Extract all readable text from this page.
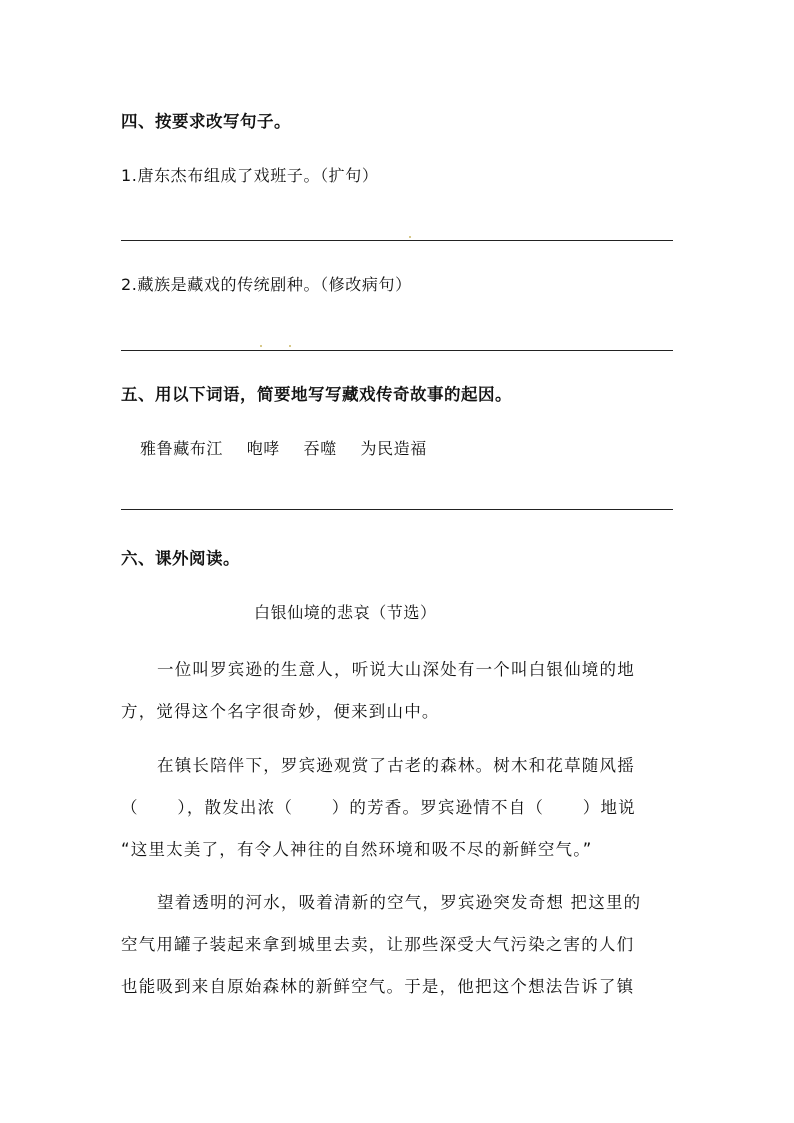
四、按要求改写句子。
1.唐东杰布组成了戏班子。（扩句）
2.藏族是藏戏的传统剧种。（修改病句）
五、用以下词语，简要地写写藏戏传奇故事的起因。
雅鲁藏布江 咆哮 吞噬 为民造福
六、课外阅读。
白银仙境的悲哀（节选）
一位叫罗宾逊的生意人，听说大山深处有一个叫白银仙境的地
方，觉得这个名字很奇妙，便来到山中。
在镇长陪伴下，罗宾逊观赏了古老的森林。树木和花草随风摇
（      ），散发出浓（      ）的芳香。罗宾逊情不自（      ）地说
“这里太美了，有令人神往的自然环境和吸不尽的新鲜空气。”
望着透明的河水，吸着清新的空气，罗宾逊突发奇想 把这里的
空气用罐子装起来拿到城里去卖，让那些深受大气污染之害的人们
也能吸到来自原始森林的新鲜空气。于是，他把这个想法告诉了镇
